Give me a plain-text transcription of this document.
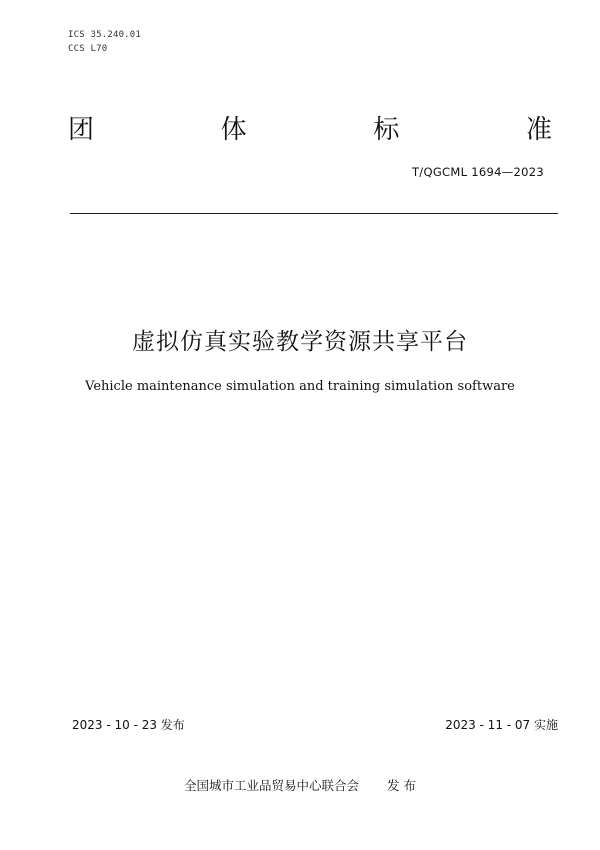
ICS 35.240.01
CCS L70
团	体	标	准
T/QGCML 1694—2023
虚拟仿真实验教学资源共享平台
Vehicle maintenance simulation and training simulation software
2023 - 10 - 23 发布	2023 - 11 - 07 实施
全国城市工业品贸易中心联合会 发 布
